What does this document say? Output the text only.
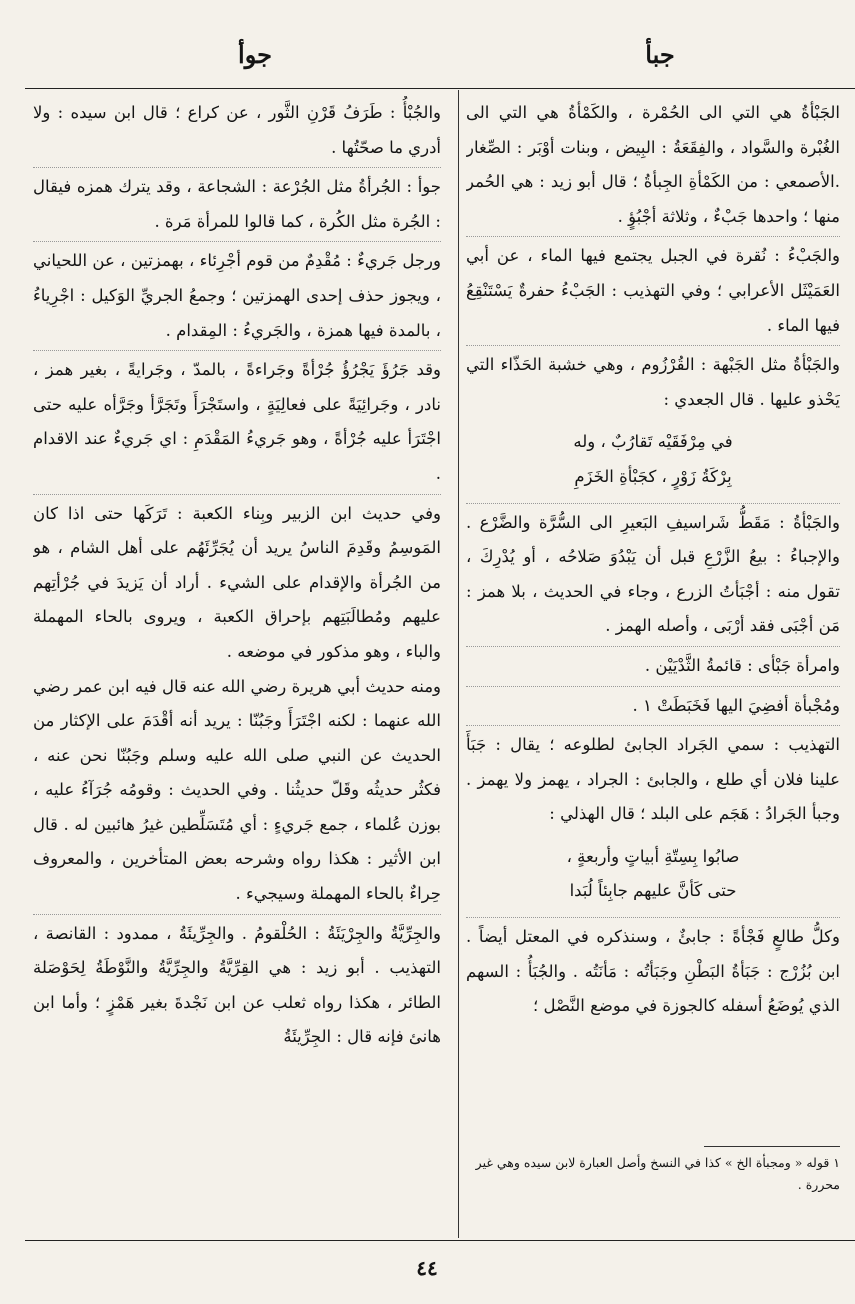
جبأ
جوأ

الجَبْأةُ هي التي الى الحُمْرة ، والكَمْأةُ هي التي الى الغُبْرة والسَّواد ، والفِقَعَةُ : البِيض ، وبنات أوْبَر : الصِّغار .الأصمعي : من الكَمْأةِ الجِبأةُ ؛ قال أبو زيد : هي الحُمر منها ؛ واحدها جَبْءٌ ، وثلاثة أجْبُؤٍ .

والجَبْءُ : نُقرة في الجبل يجتمع فيها الماء ، عن أبي العَمَيْثَل الأعرابي ؛ وفي التهذيب : الجَبْءُ حفرةٌ يَسْتَنْقِعُ فيها الماء .

والجَبْأةُ مثل الجَبْهة : القُرْزُوم ، وهي خشبة الحَذّاء التي يَحْذو عليها . قال الجعدي :

في مِرْفَقَيْه تَقارُبٌ ، وله
بِرْكَةُ زَوْرٍ ، كجَبْأةِ الخَزَمِ

والجَبْأةُ : مَقَطُّ شَراسيفِ البَعيرِ الى السُّرَّة والضَّرْع . والإجباءُ : بيعُ الزَّرْعِ قبل أن يَبْدُوَ صَلاحُه ، أو يُدْرِكَ ، تقول منه : أجْبَأتُ الزرع ، وجاء في الحديث ، بلا همز : مَن أجْبَى فقد أرْبَى ، وأصله الهمز .

وامرأة جَبْأى : قائمةُ الثَّدْيَيْن .

ومُجْبأة أفضِيَ اليها فَخَبَطَتْ ١ .

التهذيب : سمي الجَراد الجابئ لطلوعه ؛ يقال : جَبَأَ علينا فلان أي طلع ، والجابئ : الجراد ، يهمز ولا يهمز . وجبأ الجَرادُ : هَجَم على البلد ؛ قال الهذلي :

صابُوا بِسِتّةِ أبياتٍ وأربعةٍ ،
حتى كَأنَّ عليهم جابِئاً لُبَدا

وكلُّ طالعٍ فَجْأةً : جابئٌ ، وسنذكره في المعتل أيضاً . ابن بُزُرْج : جَبَأةُ البَطْنِ وجَبَأتُه : مَأنَتُه . والجُبَأُ : السهم الذي يُوضَعُ أسفله كالجوزة في موضع النَّصْل ؛

١ قوله « ومجبأة الخ » كذا في النسخ وأصل العبارة لابن سيده وهي غير محررة .

والجُبْأُ : طَرَفُ قَرْنِ الثَّور ، عن كراع ؛ قال ابن سيده : ولا أدري ما صحّتُها .

جوأ : الجُرأةُ مثل الجُرْعة : الشجاعة ، وقد يترك همزه فيقال : الجُرة مثل الكُرة ، كما قالوا للمرأة مَرة .

ورجل جَريءٌ : مُقْدِمٌ من قوم أجْرِئاء ، بهمزتين ، عن اللحياني ، ويجوز حذف إحدى الهمزتين ؛ وجمعُ الجريِّ الوَكيل : اجْرِياءُ ، بالمدة فيها همزة ، والجَريءُ : المِقدام .

وقد جَرُؤَ يَجْرُؤُ جُرْأةً وجَراءةً ، بالمدّ ، وجَرايةً ، بغير همز ، نادر ، وجَرائِيَةً على فعالِيَةٍ ، واستَجْرَأَ وتَجَرَّأ وجَرَّأه عليه حتى اجْتَرَأ عليه جُرْأةً ، وهو جَريءُ المَقْدَمِ : اي جَريءٌ عند الاقدام .

وفي حديث ابن الزبير وبِناء الكعبة : تَرَكَها حتى اذا كان المَوسِمُ وقَدِمَ الناسُ يريد أن يُجَرِّئَهُم على أهل الشام ، هو من الجُرأة والإقدام على الشيء . أراد أن يَزيدَ في جُرْأتِهم عليهم ومُطالَبَتِهم بإحراق الكعبة ، ويروى بالحاء المهملة والباء ، وهو مذكور في موضعه .

ومنه حديث أبي هريرة رضي الله عنه قال فيه ابن عمر رضي الله عنهما : لكنه اجْتَرَأَ وجَبُنّا : يريد أنه أقْدَمَ على الإكثار من الحديث عن النبي صلى الله عليه وسلم وجَبُنّا نحن عنه ، فكثُر حديثُه وقَلّ حديثُنا . وفي الحديث : وقومُه جُرَآءُ عليه ، بوزن عُلماء ، جمع جَريءٍ : أي مُتَسَلِّطين غيرُ هائبين له . قال ابن الأثير : هكذا رواه وشرحه بعض المتأخرين ، والمعروف حِراءٌ بالحاء المهملة وسيجيء .

والجِرِّيَّةُ والجِرْيَئَةُ : الحُلْقومُ . والجِرِّيئَةُ ، ممدود : القانصة ، التهذيب . أبو زيد : هي القِرِّيَّةُ والجِرِّيَّةُ والنَّوْطَةُ لِحَوْصَلة الطائر ، هكذا رواه ثعلب عن ابن نَجْدةَ بغير هَمْزٍ ؛ وأما ابن هانئ فإنه قال : الجِرِّيئَةُ

٤٤
